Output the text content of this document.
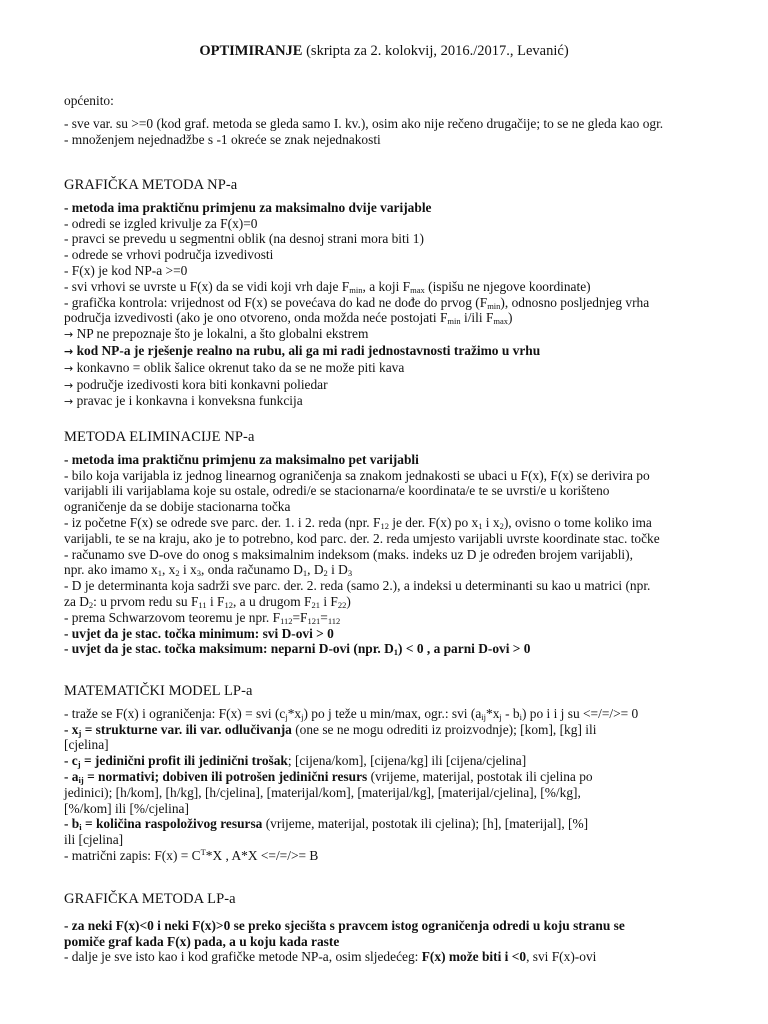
OPTIMIRANJE (skripta za 2. kolokvij, 2016./2017., Levanić)

općenito:

- sve var. su >=0 (kod graf. metoda se gleda samo I. kv.), osim ako nije rečeno drugačije; to se ne gleda kao ogr.

- množenjem nejednadžbe s -1 okreće se znak nejednakosti

GRAFIČKA METODA NP-a

- metoda ima praktičnu primjenu za maksimalno dvije varijable

- odredi se izgled krivulje za F(x)=0

- pravci se prevedu u segmentni oblik (na desnoj strani mora biti 1)

- odrede se vrhovi područja izvedivosti

- F(x) je kod NP-a >=0

- svi vrhovi se uvrste u F(x) da se vidi koji vrh daje $F_{min}$, a koji $F_{max}$ (ispišu ne njegove koordinate)

- grafička kontrola: vrijednost od F(x) se povećava do kad ne dođe do prvog $(F_{min})$, odnosno posljednjeg vrha

područja izvedivosti (ako je ono otvoreno, onda možda neće postojati $F_{min}$ i/ili $F_{max}$)

→ NP ne prepoznaje što je lokalni, a što globalni ekstrem

→ kod NP-a je rješenje realno na rubu, ali ga mi radi jednostavnosti tražimo u vrhu

→ konkavno = oblik šalice okrenut tako da se ne može piti kava

→ područje izedivosti kora biti konkavni poliedar

→ pravac je i konkavna i konveksna funkcija

METODA ELIMINACIJE NP-a

- metoda ima praktičnu primjenu za maksimalno pet varijabli

- bilo koja varijabla iz jednog linearnog ograničenja sa znakom jednakosti se ubaci u F(x), F(x) se derivira po

varijabli ili varijablama koje su ostale, odredi/e se stacionarna/e koordinata/e te se uvrsti/e u korišteno

ograničenje da se dobije stacionarna točka

- iz početne F(x) se odrede sve parc. der. 1. i 2. reda (npr. $F_{12}$ je der. F(x) po $x_1$ i $x_2$), ovisno o tome koliko ima

varijabli, te se na kraju, ako je to potrebno, kod parc. der. 2. reda umjesto varijabli uvrste koordinate stac. točke

- računamo sve D-ove do onog s maksimalnim indeksom (maks. indeks uz D je određen brojem varijabli),

npr. ako imamo $x_1$, $x_2$ i $x_3$, onda računamo $D_1$, $D_2$ i $D_3$

- D je determinanta koja sadrži sve parc. der. 2. reda (samo 2.), a indeksi u determinanti su kao u matrici (npr.

za $D_2$: u prvom redu su $F_{11}$ i $F_{12}$, a u drugom $F_{21}$ i $F_{22}$)

- prema Schwarzovom teoremu je npr. $F_{112}=F_{121}=_{112}$

- uvjet da je stac. točka minimum: svi D-ovi > 0

- uvjet da je stac. točka maksimum: neparni D-ovi (npr. $D_1) < 0$ , a parni D-ovi > 0

MATEMATIČKI MODEL LP-a

- traže se F(x) i ograničenja: F(x) = svi $(c_j*x_j)$ po j teže u min/max, ogr.: svi $(a_{ij}*x_j - b_i)$ po i i j su <=/=/>= 0

- $x_j$ = strukturne var. ili var. odlučivanja (one se ne mogu odrediti iz proizvodnje); [kom], [kg] ili

[cjelina]

- $c_j$ = jedinični profit ili jedinični trošak; [cijena/kom], [cijena/kg] ili [cijena/cjelina]

- $a_{ij}$ = normativi; dobiven ili potrošen jedinični resurs (vrijeme, materijal, postotak ili cjelina po

jedinici); [h/kom], [h/kg], [h/cjelina], [materijal/kom], [materijal/kg], [materijal/cjelina], [%/kg],

[%/kom] ili [%/cjelina]

- $b_i$ = količina raspoloživog resursa (vrijeme, materijal, postotak ili cjelina); [h], [materijal], [%]

ili [cjelina]

- matrični zapis: $F(x) = C^T*X$ , A*X <=/=/>= B

GRAFIČKA METODA LP-a

- za neki F(x)<0 i neki F(x)>0 se preko sjecišta s pravcem istog ograničenja odredi u koju stranu se

pomiče graf kada F(x) pada, a u koju kada raste

- dalje je sve isto kao i kod grafičke metode NP-a, osim sljedećeg: F(x) može biti i <0, svi F(x)-ovi
